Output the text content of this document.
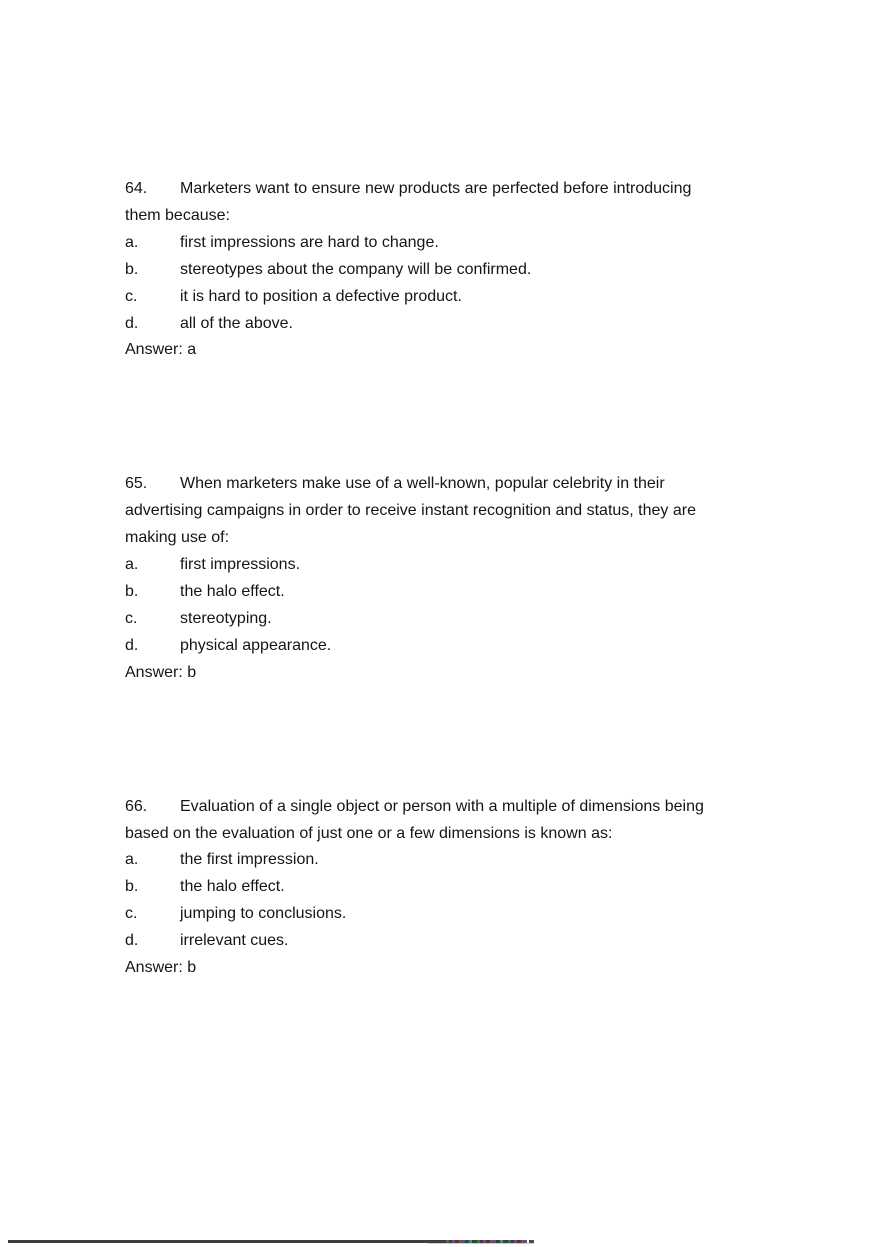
64. Marketers want to ensure new products are perfected before introducing
them because:
a.	first impressions are hard to change.
b.	stereotypes about the company will be confirmed.
c.	it is hard to position a defective product.
d.	all of the above.
Answer: a
65. When marketers make use of a well-known, popular celebrity in their
advertising campaigns in order to receive instant recognition and status, they are
making use of:
a.	first impressions.
b.	the halo effect.
c.	stereotyping.
d.	physical appearance.
Answer: b
66. Evaluation of a single object or person with a multiple of dimensions being
based on the evaluation of just one or a few dimensions is known as:
a.	the first impression.
b.	the halo effect.
c.	jumping to conclusions.
d.	irrelevant cues.
Answer: b
